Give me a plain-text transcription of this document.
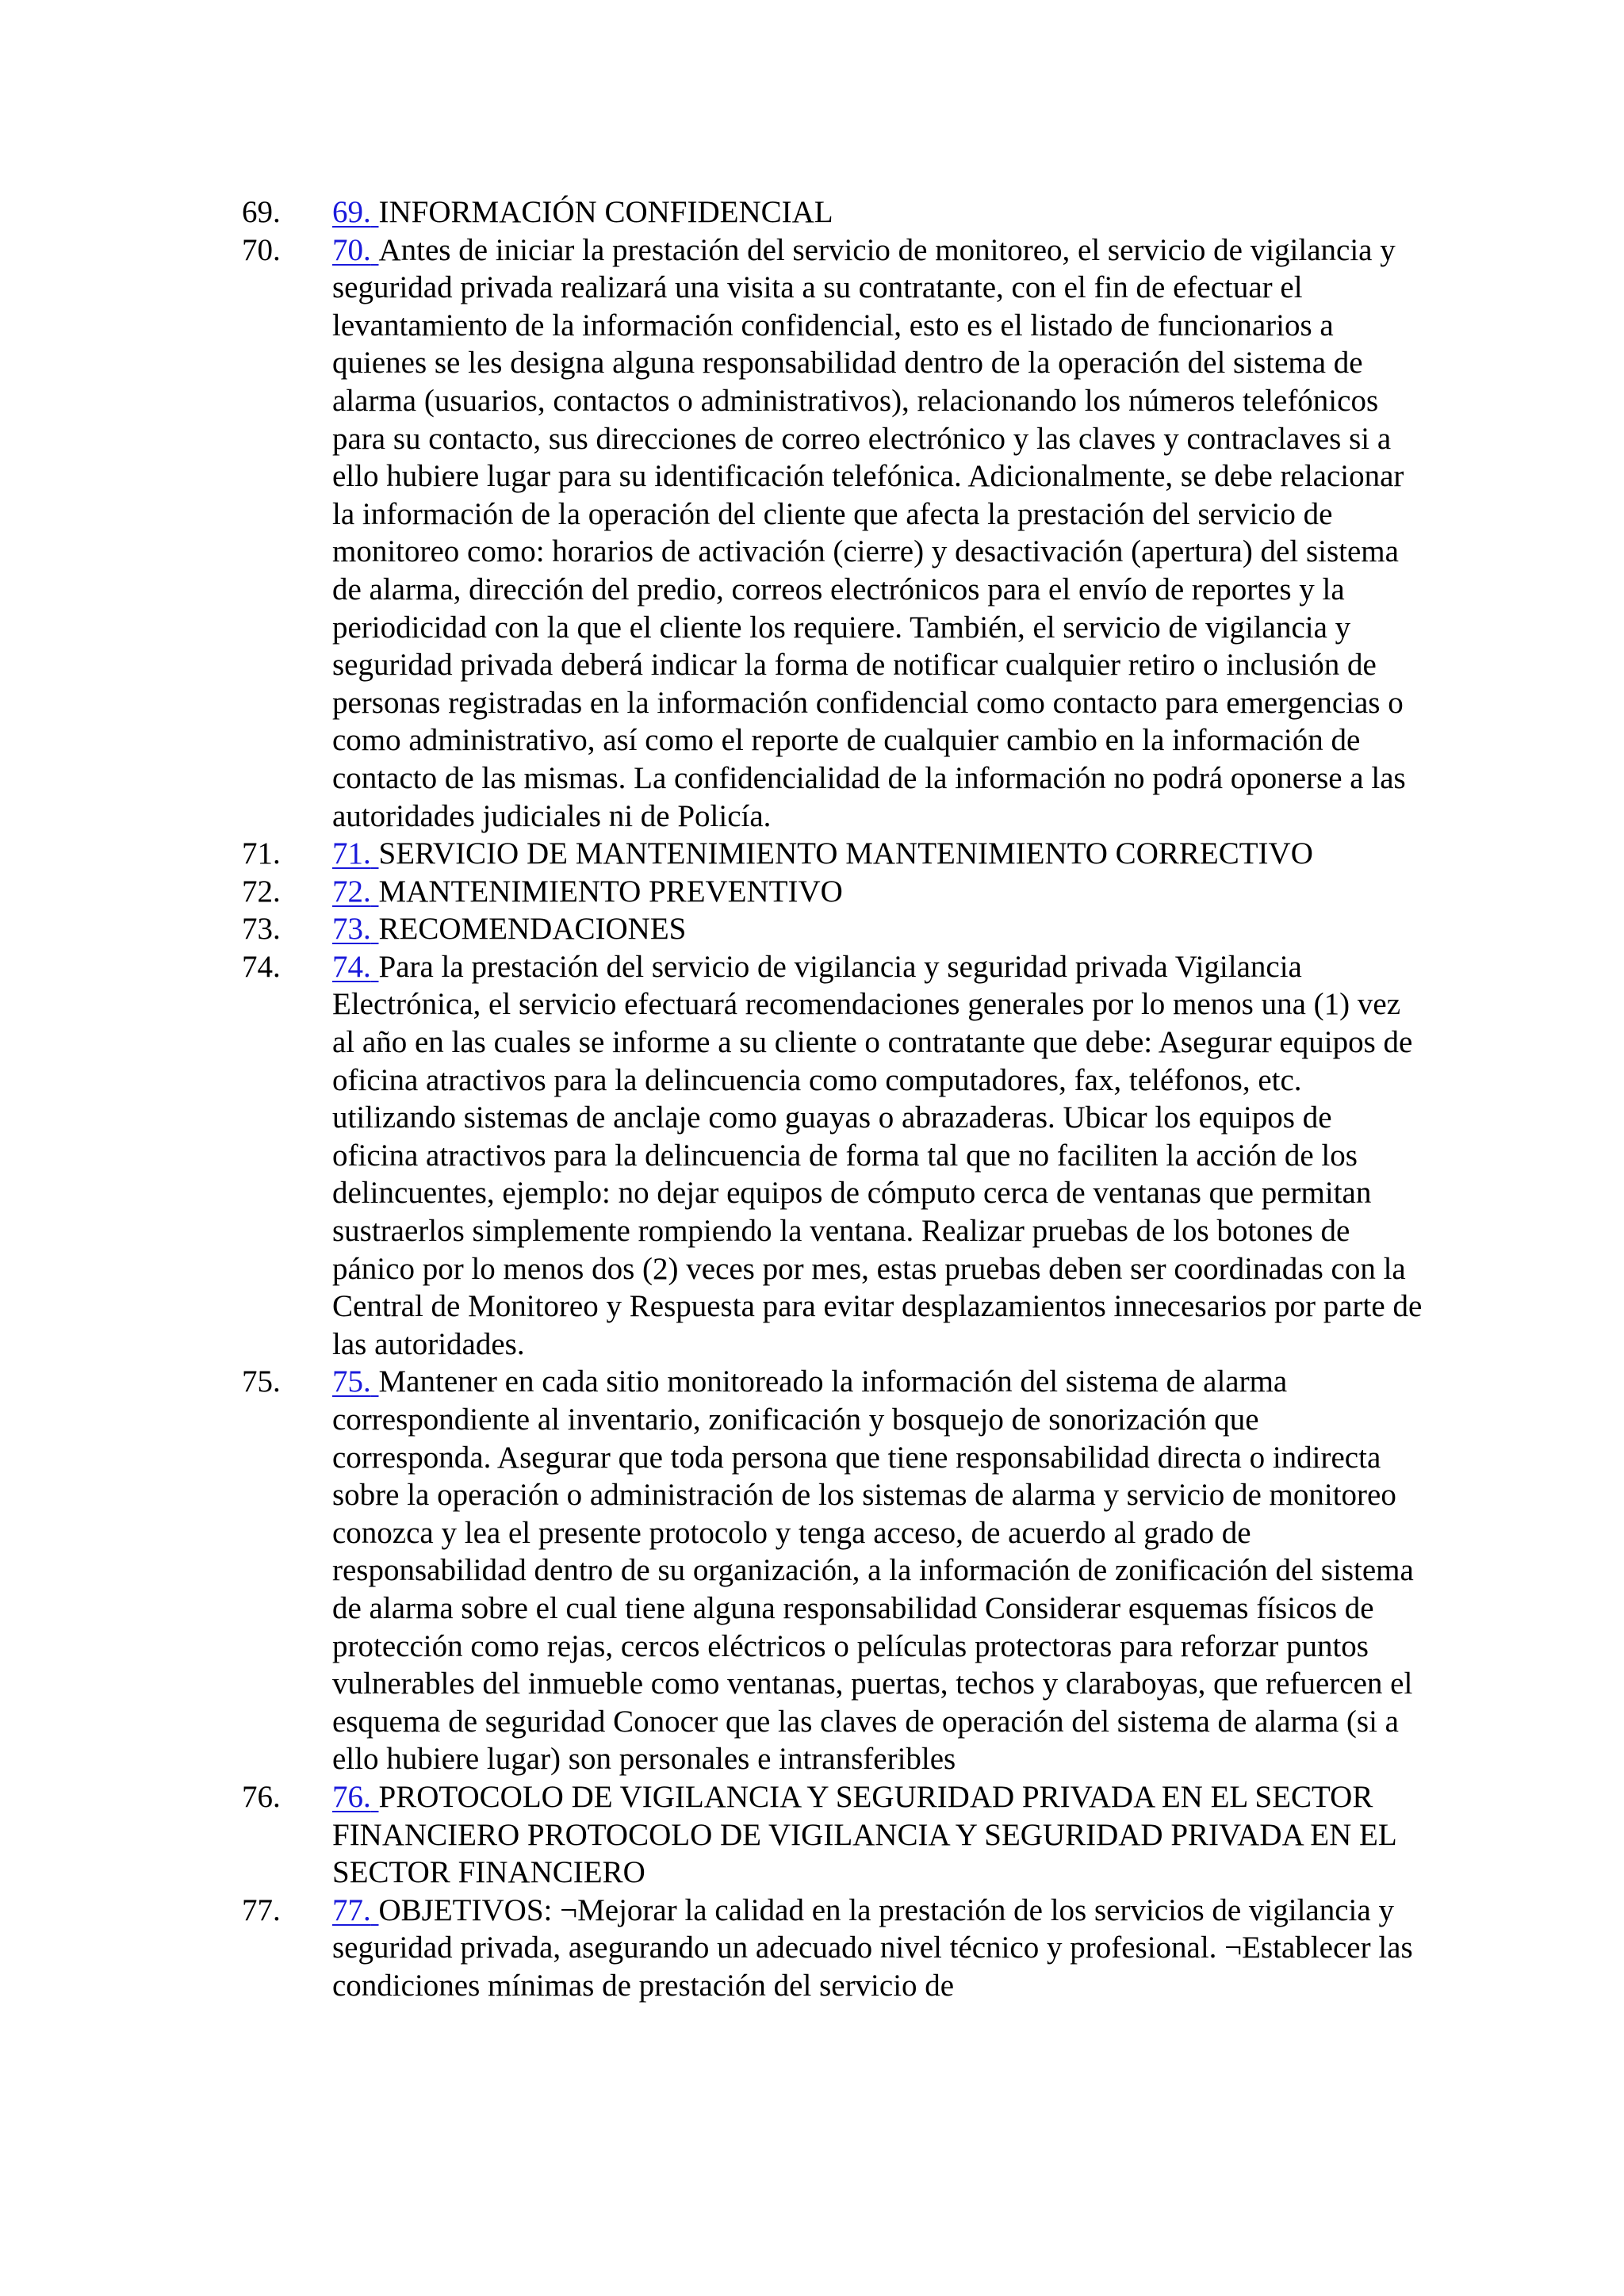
69. 69. INFORMACIÓN CONFIDENCIAL
70. 70. Antes de iniciar la prestación del servicio de monitoreo, el servicio de vigilancia y seguridad privada realizará una visita a su contratante, con el fin de efectuar el levantamiento de la información confidencial, esto es el listado de funcionarios a quienes se les designa alguna responsabilidad dentro de la operación del sistema de alarma (usuarios, contactos o administrativos), relacionando los números telefónicos para su contacto, sus direcciones de correo electrónico y las claves y contraclaves si a ello hubiere lugar para su identificación telefónica. Adicionalmente, se debe relacionar la información de la operación del cliente que afecta la prestación del servicio de monitoreo como: horarios de activación (cierre) y desactivación (apertura) del sistema de alarma, dirección del predio, correos electrónicos para el envío de reportes y la periodicidad con la que el cliente los requiere. También, el servicio de vigilancia y seguridad privada deberá indicar la forma de notificar cualquier retiro o inclusión de personas registradas en la información confidencial como contacto para emergencias o como administrativo, así como el reporte de cualquier cambio en la información de contacto de las mismas. La confidencialidad de la información no podrá oponerse a las autoridades judiciales ni de Policía.
71. 71. SERVICIO DE MANTENIMIENTO MANTENIMIENTO CORRECTIVO
72. 72. MANTENIMIENTO PREVENTIVO
73. 73. RECOMENDACIONES
74. 74. Para la prestación del servicio de vigilancia y seguridad privada Vigilancia Electrónica, el servicio efectuará recomendaciones generales por lo menos una (1) vez al año en las cuales se informe a su cliente o contratante que debe: Asegurar equipos de oficina atractivos para la delincuencia como computadores, fax, teléfonos, etc. utilizando sistemas de anclaje como guayas o abrazaderas. Ubicar los equipos de oficina atractivos para la delincuencia de forma tal que no faciliten la acción de los delincuentes, ejemplo: no dejar equipos de cómputo cerca de ventanas que permitan sustraerlos simplemente rompiendo la ventana. Realizar pruebas de los botones de pánico por lo menos dos (2) veces por mes, estas pruebas deben ser coordinadas con la Central de Monitoreo y Respuesta para evitar desplazamientos innecesarios por parte de las autoridades.
75. 75. Mantener en cada sitio monitoreado la información del sistema de alarma correspondiente al inventario, zonificación y bosquejo de sonorización que corresponda. Asegurar que toda persona que tiene responsabilidad directa o indirecta sobre la operación o administración de los sistemas de alarma y servicio de monitoreo conozca y lea el presente protocolo y tenga acceso, de acuerdo al grado de responsabilidad dentro de su organización, a la información de zonificación del sistema de alarma sobre el cual tiene alguna responsabilidad Considerar esquemas físicos de protección como rejas, cercos eléctricos o películas protectoras para reforzar puntos vulnerables del inmueble como ventanas, puertas, techos y claraboyas, que refuercen el esquema de seguridad Conocer que las claves de operación del sistema de alarma (si a ello hubiere lugar) son personales e intransferibles
76. 76. PROTOCOLO DE VIGILANCIA Y SEGURIDAD PRIVADA EN EL SECTOR FINANCIERO PROTOCOLO DE VIGILANCIA Y SEGURIDAD PRIVADA EN EL SECTOR FINANCIERO
77. 77. OBJETIVOS: ¬Mejorar la calidad en la prestación de los servicios de vigilancia y seguridad privada, asegurando un adecuado nivel técnico y profesional. ¬Establecer las condiciones mínimas de prestación del servicio de
